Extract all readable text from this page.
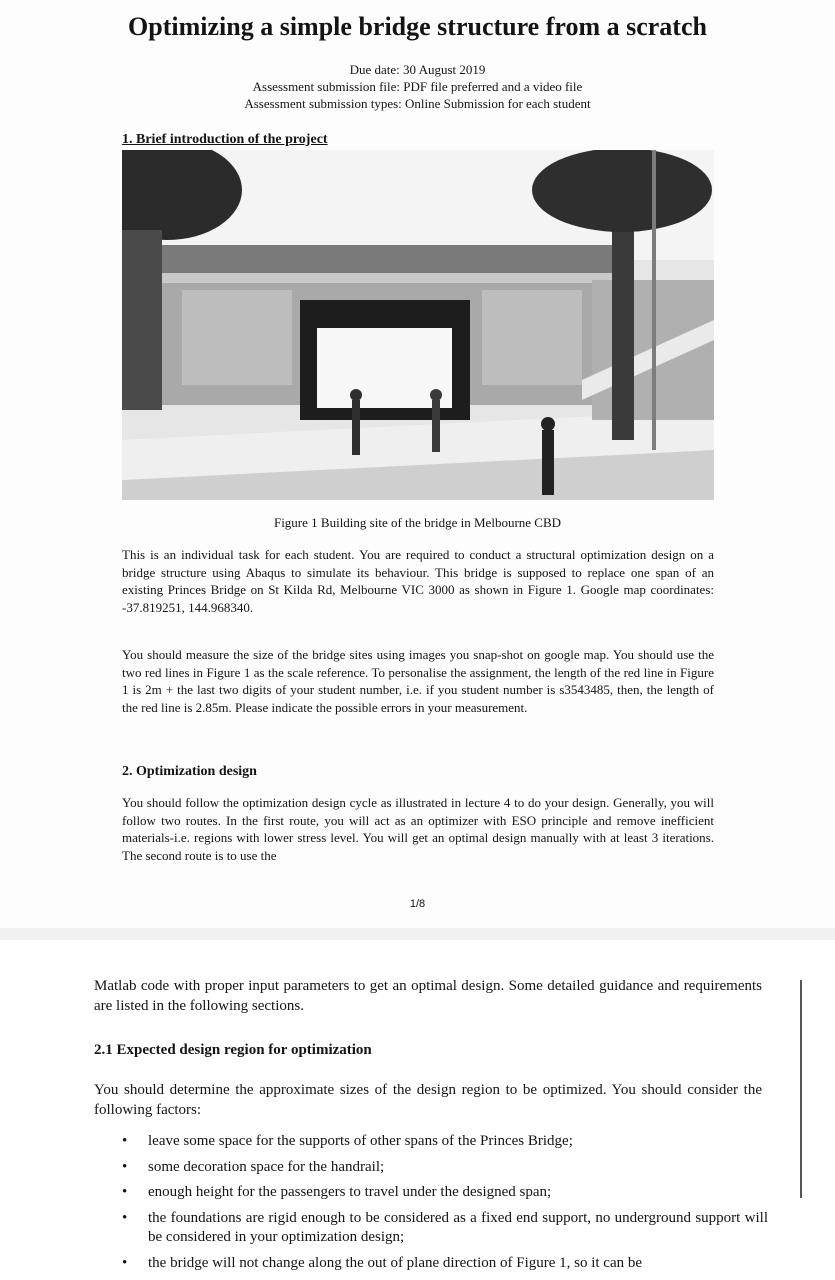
Optimizing a simple bridge structure from a scratch
Due date: 30 August 2019
Assessment submission file: PDF file preferred and a video file
Assessment submission types: Online Submission for each student
1. Brief introduction of the project
Figure 1 Building site of the bridge in Melbourne CBD

This is an individual task for each student. You are required to conduct a structural optimization design on a bridge structure using Abaqus to simulate its behaviour. This bridge is supposed to replace one span of an existing Princes Bridge on St Kilda Rd, Melbourne VIC 3000 as shown in Figure 1. Google map coordinates: -37.819251, 144.968340.

You should measure the size of the bridge sites using images you snap-shot on google map. You should use the two red lines in Figure 1 as the scale reference. To personalise the assignment, the length of the red line in Figure 1 is 2m + the last two digits of your student number, i.e. if you student number is s3543485, then, the length of the red line is 2.85m. Please indicate the possible errors in your measurement.

2. Optimization design

You should follow the optimization design cycle as illustrated in lecture 4 to do your design. Generally, you will follow two routes. In the first route, you will act as an optimizer with ESO principle and remove inefficient materials-i.e. regions with lower stress level. You will get an optimal design manually with at least 3 iterations. The second route is to use the

1/8

Matlab code with proper input parameters to get an optimal design. Some detailed guidance and requirements are listed in the following sections.

2.1 Expected design region for optimization

You should determine the approximate sizes of the design region to be optimized. You should consider the following factors:

• leave some space for the supports of other spans of the Princes Bridge;
• some decoration space for the handrail;
• enough height for the passengers to travel under the designed span;
• the foundations are rigid enough to be considered as a fixed end support, no underground support will be considered in your optimization design;
• the bridge will not change along the out of plane direction of Figure 1, so it can be
